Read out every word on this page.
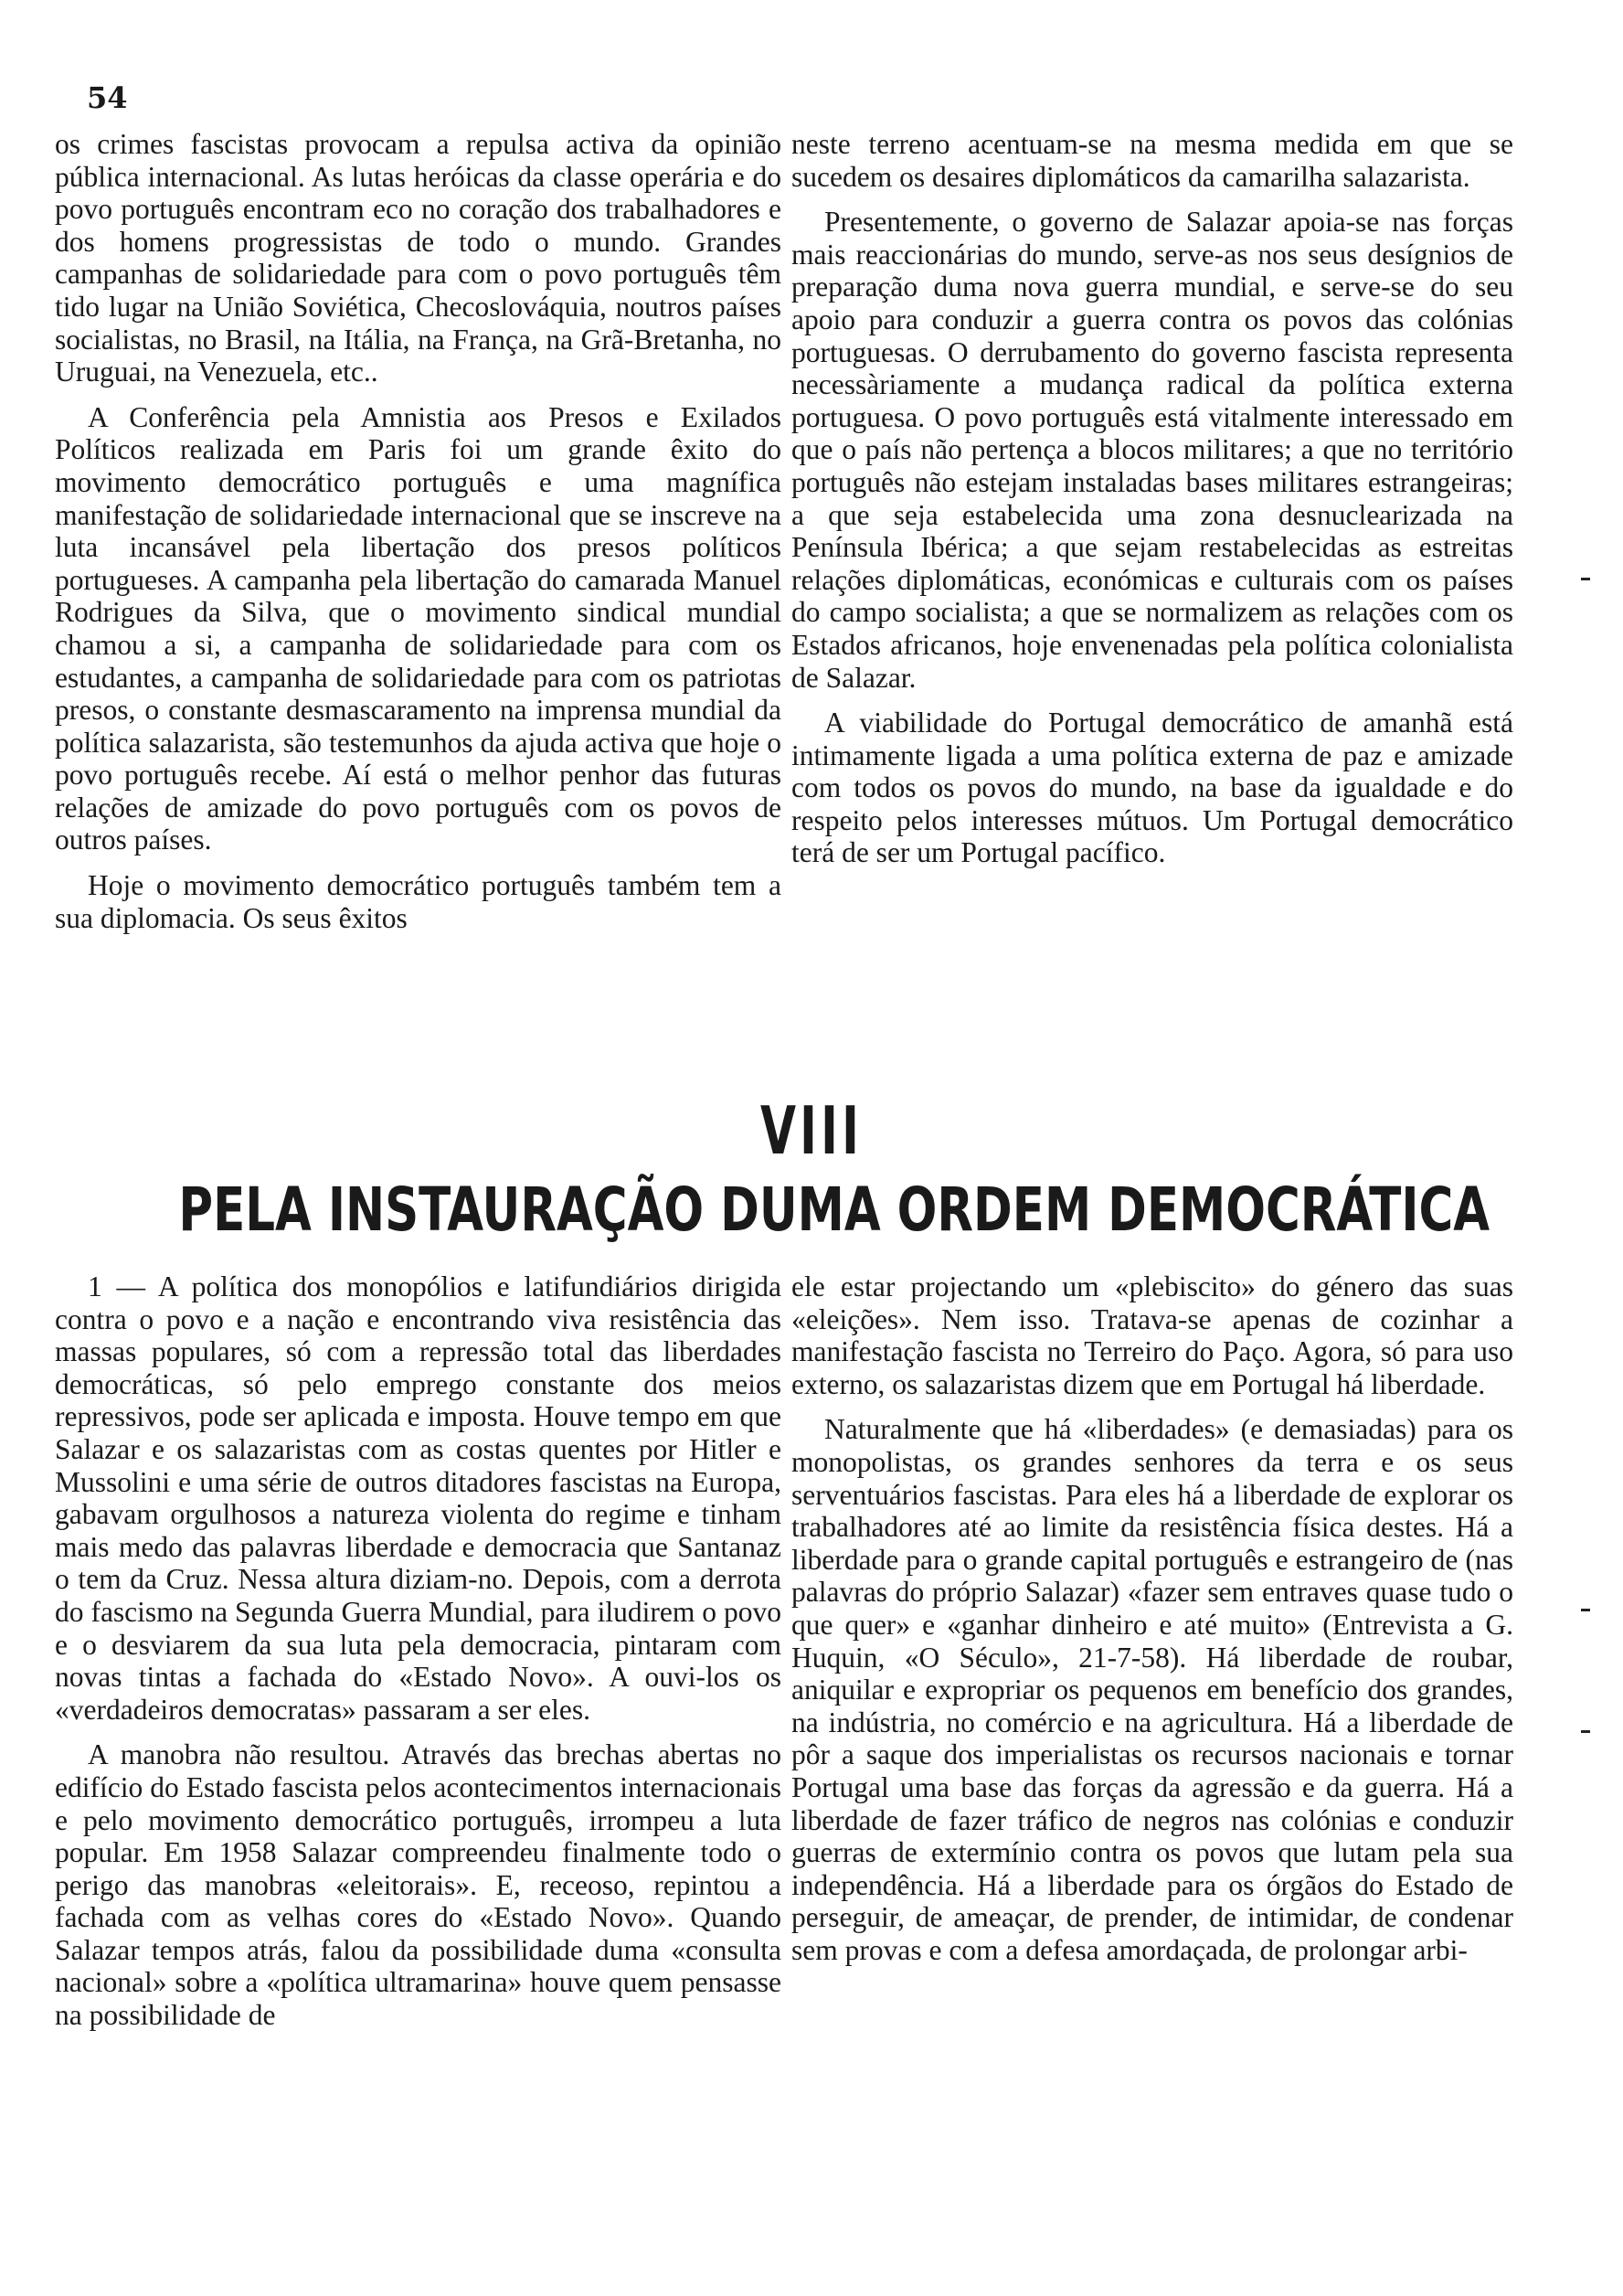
54

os crimes fascistas provocam a repulsa activa da opinião pública internacional. As lutas heróicas da classe operária e do povo português encontram eco no coração dos trabalhadores e dos homens progressistas de todo o mundo. Grandes campanhas de solidariedade para com o povo português têm tido lugar na União Soviética, Checoslováquia, noutros países socialistas, no Brasil, na Itália, na França, na Grã-Bretanha, no Uruguai, na Venezuela, etc..

A Conferência pela Amnistia aos Presos e Exilados Políticos realizada em Paris foi um grande êxito do movimento democrático português e uma magnífica manifestação de solidariedade internacional que se inscreve na luta incansável pela libertação dos presos políticos portugueses. A campanha pela libertação do camarada Manuel Rodrigues da Silva, que o movimento sindical mundial chamou a si, a campanha de solidariedade para com os estudantes, a campanha de solidariedade para com os patriotas presos, o constante desmascaramento na imprensa mundial da política salazarista, são testemunhos da ajuda activa que hoje o povo português recebe. Aí está o melhor penhor das futuras relações de amizade do povo português com os povos de outros países.

Hoje o movimento democrático português também tem a sua diplomacia. Os seus êxitos

neste terreno acentuam-se na mesma medida em que se sucedem os desaires diplomáticos da camarilha salazarista.

Presentemente, o governo de Salazar apoia-se nas forças mais reaccionárias do mundo, serve-as nos seus desígnios de preparação duma nova guerra mundial, e serve-se do seu apoio para conduzir a guerra contra os povos das colónias portuguesas. O derrubamento do governo fascista representa necessàriamente a mudança radical da política externa portuguesa. O povo português está vitalmente interessado em que o país não pertença a blocos militares; a que no território português não estejam instaladas bases militares estrangeiras; a que seja estabelecida uma zona desnuclearizada na Península Ibérica; a que sejam restabelecidas as estreitas relações diplomáticas, económicas e culturais com os países do campo socialista; a que se normalizem as relações com os Estados africanos, hoje envenenadas pela política colonialista de Salazar.

A viabilidade do Portugal democrático de amanhã está intimamente ligada a uma política externa de paz e amizade com todos os povos do mundo, na base da igualdade e do respeito pelos interesses mútuos. Um Portugal democrático terá de ser um Portugal pacífico.

VIII
PELA INSTAURAÇÃO DUMA ORDEM DEMOCRÁTICA

1 — A política dos monopólios e latifundiários dirigida contra o povo e a nação e encontrando viva resistência das massas populares, só com a repressão total das liberdades democráticas, só pelo emprego constante dos meios repressivos, pode ser aplicada e imposta. Houve tempo em que Salazar e os salazaristas com as costas quentes por Hitler e Mussolini e uma série de outros ditadores fascistas na Europa, gabavam orgulhosos a natureza violenta do regime e tinham mais medo das palavras liberdade e democracia que Santanaz o tem da Cruz. Nessa altura diziam-no. Depois, com a derrota do fascismo na Segunda Guerra Mundial, para iludirem o povo e o desviarem da sua luta pela democracia, pintaram com novas tintas a fachada do «Estado Novo». A ouvi-los os «verdadeiros democratas» passaram a ser eles.

A manobra não resultou. Através das brechas abertas no edifício do Estado fascista pelos acontecimentos internacionais e pelo movimento democrático português, irrompeu a luta popular. Em 1958 Salazar compreendeu finalmente todo o perigo das manobras «eleitorais». E, receoso, repintou a fachada com as velhas cores do «Estado Novo». Quando Salazar tempos atrás, falou da possibilidade duma «consulta nacional» sobre a «política ultramarina» houve quem pensasse na possibilidade de

ele estar projectando um «plebiscito» do género das suas «eleições». Nem isso. Tratava-se apenas de cozinhar a manifestação fascista no Terreiro do Paço. Agora, só para uso externo, os salazaristas dizem que em Portugal há liberdade.

Naturalmente que há «liberdades» (e demasiadas) para os monopolistas, os grandes senhores da terra e os seus serventuários fascistas. Para eles há a liberdade de explorar os trabalhadores até ao limite da resistência física destes. Há a liberdade para o grande capital português e estrangeiro de (nas palavras do próprio Salazar) «fazer sem entraves quase tudo o que quer» e «ganhar dinheiro e até muito» (Entrevista a G. Huquin, «O Século», 21-7-58). Há liberdade de roubar, aniquilar e expropriar os pequenos em benefício dos grandes, na indústria, no comércio e na agricultura. Há a liberdade de pôr a saque dos imperialistas os recursos nacionais e tornar Portugal uma base das forças da agressão e da guerra. Há a liberdade de fazer tráfico de negros nas colónias e conduzir guerras de extermínio contra os povos que lutam pela sua independência. Há a liberdade para os órgãos do Estado de perseguir, de ameaçar, de prender, de intimidar, de condenar sem provas e com a defesa amordaçada, de prolongar arbi-
